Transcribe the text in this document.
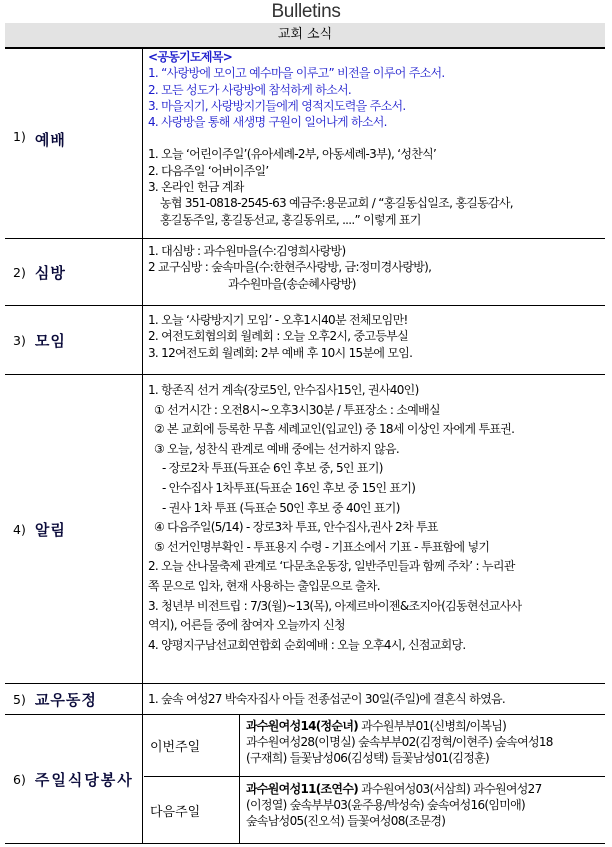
Bulletins
교회 소식
1) 예배
<공동기도제목>
1. “사랑방에 모이고 예수마을 이루고” 비전을 이루어 주소서.
2. 모든 성도가 사랑방에 참석하게 하소서.
3. 마을지기, 사랑방지기들에게 영적지도력을 주소서.
4. 사랑방을 통해 새생명 구원이 일어나게 하소서.
1. 오늘 ‘어린이주일’(유아세례-2부, 아동세례-3부), ‘성찬식’
2. 다음주일 ‘어버이주일’
3. 온라인 헌금 계좌
농협 351-0818-2545-63 예금주:용문교회 / “홍길동십일조, 홍길동감사,
홍길동주일, 홍길동선교, 홍길동위로, ....” 이렇게 표기
2) 심방
1. 대심방 : 과수원마을(수:김영희사랑방)
2 교구심방 : 숲속마을(수:한현주사랑방, 금:정미경사랑방),
과수원마을(송순혜사랑방)
3) 모임
1. 오늘 ‘사랑방지기 모임’ - 오후1시40분 전체모임만!
2. 여전도회협의회 월례회 : 오늘 오후2시, 중고등부실
3. 12여전도회 월례회: 2부 예배 후 10시 15분에 모임.
4) 알림
1. 항존직 선거 계속(장로5인, 안수집사15인, 권사40인)
① 선거시간 : 오전8시~오후3시30분 / 투표장소 : 소예배실
② 본 교회에 등록한 무흠 세례교인(입교인) 중 18세 이상인 자에게 투표권.
③ 오늘, 성찬식 관계로 예배 중에는 선거하지 않음.
- 장로2차 투표(득표순 6인 후보 중, 5인 표기)
- 안수집사 1차투표(득표순 16인 후보 중 15인 표기)
- 권사 1차 투표 (득표순 50인 후보 중 40인 표기)
④ 다음주일(5/14) - 장로3차 투표, 안수집사,권사 2차 투표
⑤ 선거인명부확인 - 투표용지 수령 - 기표소에서 기표 - 투표함에 넣기
2. 오늘 산나물축제 관계로 ‘다문초운동장, 일반주민들과 함께 주차’ : 누리관
쪽 문으로 입차, 현재 사용하는 출입문으로 출차.
3. 청년부 비전트립 : 7/3(월)~13(목), 아제르바이젠&조지아(김동현선교사사
역지), 어른들 중에 참여자 오늘까지 신청
4. 양평지구남선교회연합회 순회예배 : 오늘 오후4시, 신점교회당.
5) 교우동정	1. 숲속 여성27 박숙자집사 아들 전종섭군이 30일(주일)에 결혼식 하였음.
6) 주일식당봉사
이번주일
과수원여성14(정순녀) 과수원부부01(신병희/이복님)
과수원여성28(이명실) 숲속부부02(김정혁/이현주) 숲속여성18
(구재희) 들꽃남성06(김성택) 들꽃남성01(김정훈)
다음주일
과수원여성11(조연수) 과수원여성03(서삼희) 과수원여성27
(이정열) 숲속부부03(윤주용/박성숙) 숲속여성16(임미애)
숲속남성05(진오석) 들꽃여성08(조문경)
